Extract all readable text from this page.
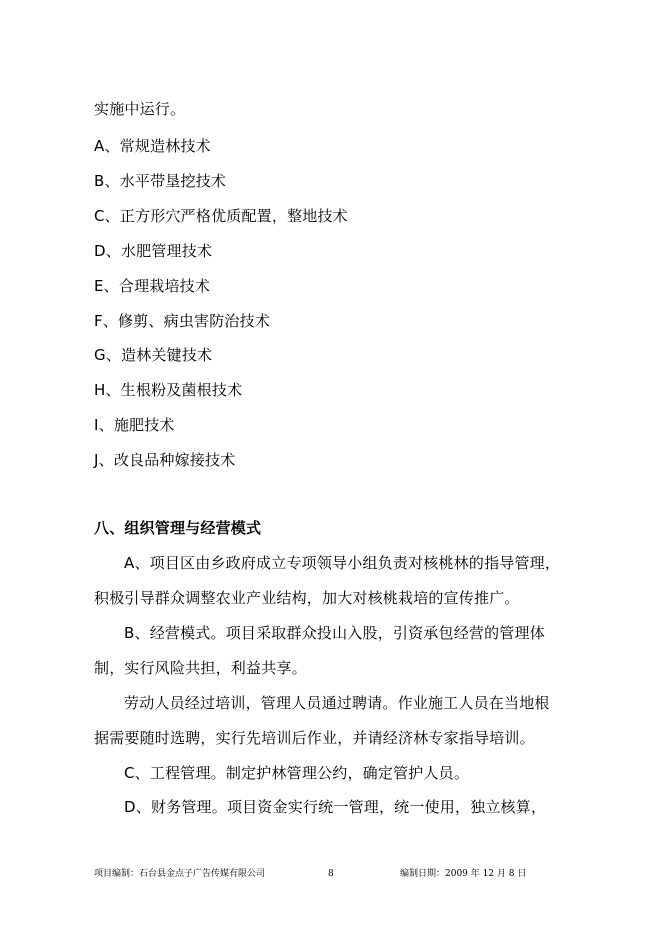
实施中运行。
A、常规造林技术
B、水平带垦挖技术
C、正方形穴严格优质配置，整地技术
D、水肥管理技术
E、合理栽培技术
F、修剪、病虫害防治技术
G、造林关键技术
H、生根粉及菌根技术
I、施肥技术
J、改良品种嫁接技术
八、组织管理与经营模式
A、项目区由乡政府成立专项领导小组负责对核桃林的指导管理，
积极引导群众调整农业产业结构，加大对核桃栽培的宣传推广。
B、经营模式。项目采取群众投山入股，引资承包经营的管理体
制，实行风险共担，利益共享。
劳动人员经过培训，管理人员通过聘请。作业施工人员在当地根
据需要随时选聘，实行先培训后作业，并请经济林专家指导培训。
C、工程管理。制定护林管理公约，确定管护人员。
D、财务管理。项目资金实行统一管理，统一使用，独立核算，
项目编制：石台县金点子广告传媒有限公司	8	编制日期：2009 年 12 月 8 日
